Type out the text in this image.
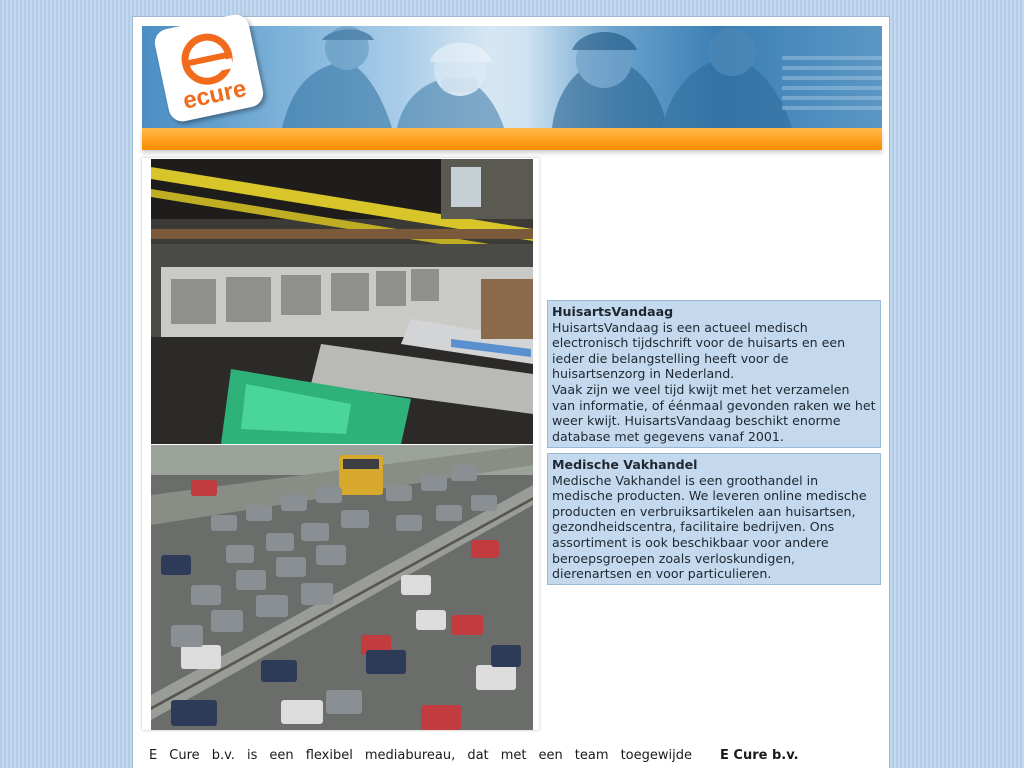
ecure
HuisartsVandaag
HuisartsVandaag is een actueel medisch electronisch tijdschrift voor de huisarts en een ieder die belangstelling heeft voor de huisartsenzorg in Nederland.
Vaak zijn we veel tijd kwijt met het verzamelen van informatie, of éénmaal gevonden raken we het weer kwijt. HuisartsVandaag beschikt enorme database met gegevens vanaf 2001.
Medische Vakhandel
Medische Vakhandel is een groothandel in medische producten. We leveren online medische producten en verbruiksartikelen aan huisartsen, gezondheidscentra, facilitaire bedrijven. Ons assortiment is ook beschikbaar voor andere beroepsgroepen zoals verloskundigen, dierenartsen en voor particulieren.
E Cure b.v. is een flexibel mediabureau, dat met een team toegewijde E Cure b.v.
